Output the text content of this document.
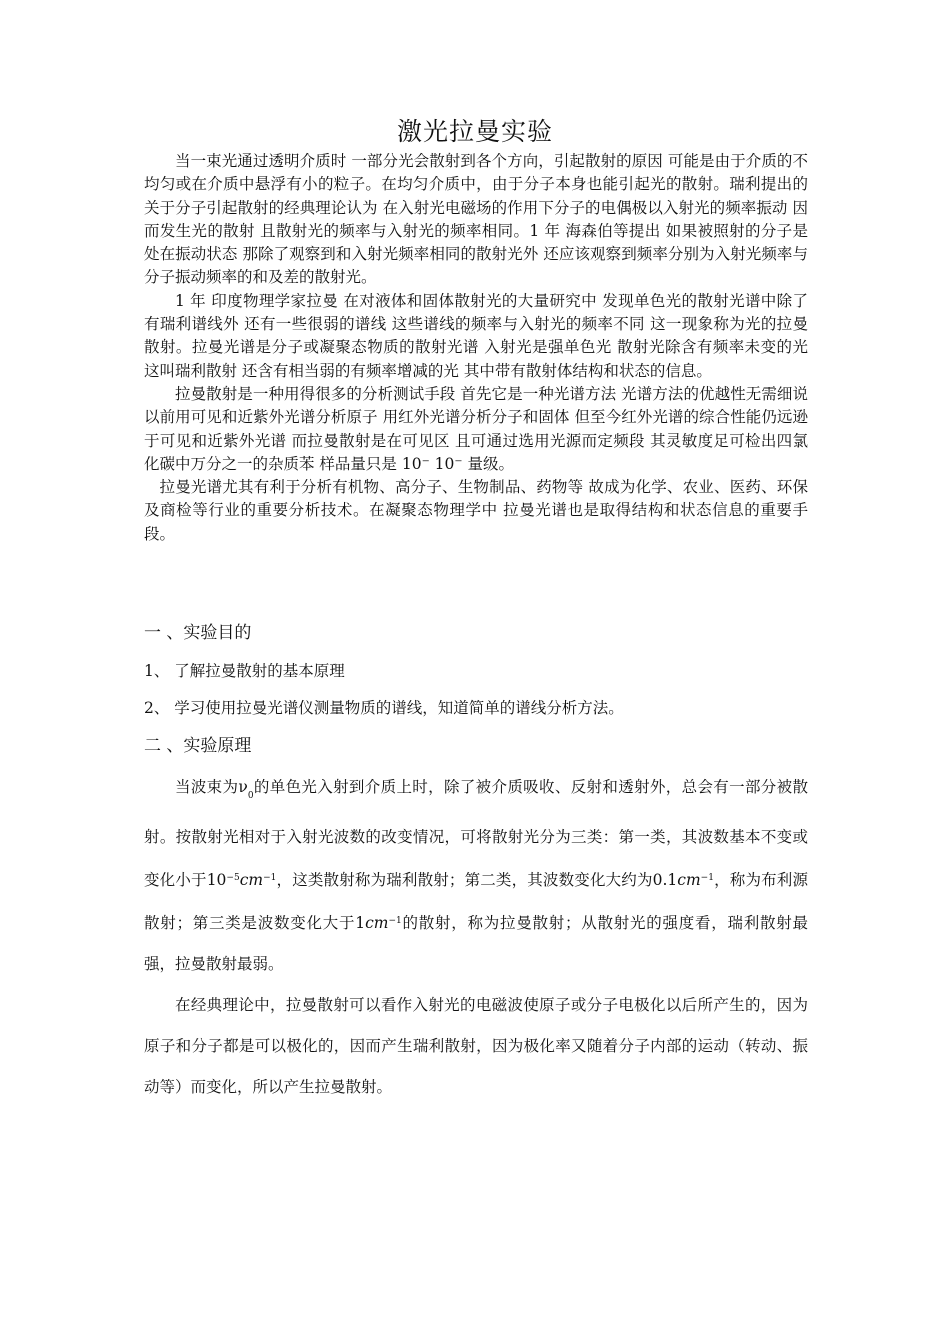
激光拉曼实验

当一束光通过透明介质时 一部分光会散射到各个方向，引起散射的原因 可能是由于介质的不均匀或在介质中悬浮有小的粒子。在均匀介质中，由于分子本身也能引起光的散射。瑞利提出的关于分子引起散射的经典理论认为 在入射光电磁场的作用下分子的电偶极以入射光的频率振动 因而发生光的散射 且散射光的频率与入射光的频率相同。1 年 海森伯等提出 如果被照射的分子是处在振动状态 那除了观察到和入射光频率相同的散射光外 还应该观察到频率分别为入射光频率与分子振动频率的和及差的散射光。

1 年 印度物理学家拉曼 在对液体和固体散射光的大量研究中 发现单色光的散射光谱中除了有瑞利谱线外 还有一些很弱的谱线 这些谱线的频率与入射光的频率不同 这一现象称为光的拉曼散射。拉曼光谱是分子或凝聚态物质的散射光谱 入射光是强单色光 散射光除含有频率未变的光 这叫瑞利散射 还含有相当弱的有频率增减的光 其中带有散射体结构和状态的信息。

拉曼散射是一种用得很多的分析测试手段 首先它是一种光谱方法 光谱方法的优越性无需细说 以前用可见和近紫外光谱分析原子 用红外光谱分析分子和固体 但至今红外光谱的综合性能仍远逊于可见和近紫外光谱 而拉曼散射是在可见区 且可通过选用光源而定频段 其灵敏度足可检出四氯化碳中万分之一的杂质苯 样品量只是 10⁻ 10⁻ 量级。

拉曼光谱尤其有利于分析有机物、高分子、生物制品、药物等 故成为化学、农业、医药、环保及商检等行业的重要分析技术。在凝聚态物理学中 拉曼光谱也是取得结构和状态信息的重要手段。

一 、实验目的
1、 了解拉曼散射的基本原理
2、 学习使用拉曼光谱仪测量物质的谱线，知道简单的谱线分析方法。
二 、实验原理

当波束为$\nu_0$的单色光入射到介质上时，除了被介质吸收、反射和透射外，总会有一部分被散射。按散射光相对于入射光波数的改变情况，可将散射光分为三类：第一类，其波数基本不变或变化小于$10^{-5}cm^{-1}$，这类散射称为瑞利散射；第二类，其波数变化大约为$0.1cm^{-1}$，称为布利源散射；第三类是波数变化大于$1cm^{-1}$的散射，称为拉曼散射；从散射光的强度看，瑞利散射最强，拉曼散射最弱。

在经典理论中，拉曼散射可以看作入射光的电磁波使原子或分子电极化以后所产生的，因为原子和分子都是可以极化的，因而产生瑞利散射，因为极化率又随着分子内部的运动（转动、振动等）而变化，所以产生拉曼散射。
